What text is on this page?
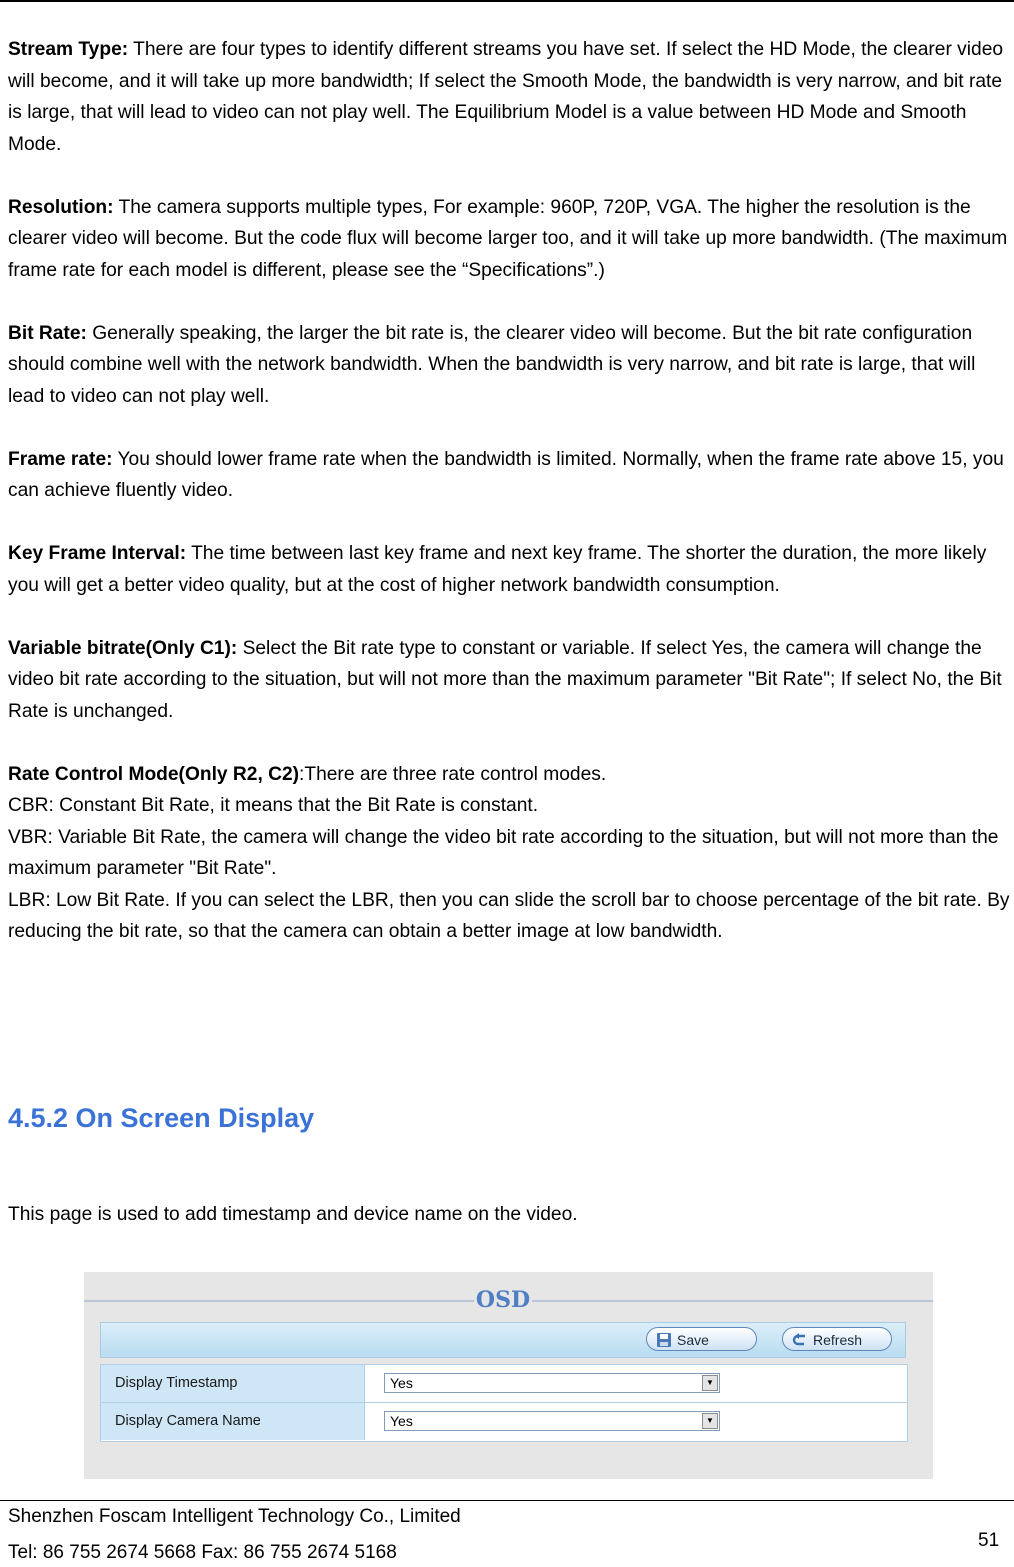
Stream Type: There are four types to identify different streams you have set. If select the HD Mode, the clearer video will become, and it will take up more bandwidth; If select the Smooth Mode, the bandwidth is very narrow, and bit rate is large, that will lead to video can not play well. The Equilibrium Model is a value between HD Mode and Smooth Mode.

Resolution: The camera supports multiple types, For example: 960P, 720P, VGA. The higher the resolution is the clearer video will become. But the code flux will become larger too, and it will take up more bandwidth. (The maximum frame rate for each model is different, please see the “Specifications”.)

Bit Rate: Generally speaking, the larger the bit rate is, the clearer video will become. But the bit rate configuration should combine well with the network bandwidth. When the bandwidth is very narrow, and bit rate is large, that will lead to video can not play well.

Frame rate: You should lower frame rate when the bandwidth is limited. Normally, when the frame rate above 15, you can achieve fluently video.

Key Frame Interval: The time between last key frame and next key frame. The shorter the duration, the more likely you will get a better video quality, but at the cost of higher network bandwidth consumption.

Variable bitrate(Only C1): Select the Bit rate type to constant or variable. If select Yes, the camera will change the video bit rate according to the situation, but will not more than the maximum parameter "Bit Rate"; If select No, the Bit Rate is unchanged.

Rate Control Mode(Only R2, C2):There are three rate control modes.
CBR: Constant Bit Rate, it means that the Bit Rate is constant.
VBR: Variable Bit Rate, the camera will change the video bit rate according to the situation, but will not more than the maximum parameter "Bit Rate".
LBR: Low Bit Rate. If you can select the LBR, then you can slide the scroll bar to choose percentage of the bit rate. By reducing the bit rate, so that the camera can obtain a better image at low bandwidth.
4.5.2 On Screen Display
This page is used to add timestamp and device name on the video.
OSD
Save	Refresh
Display Timestamp	Yes	▼
Display Camera Name	Yes	▼
Shenzhen Foscam Intelligent Technology Co., Limited
Tel: 86 755 2674 5668 Fax: 86 755 2674 5168
51
